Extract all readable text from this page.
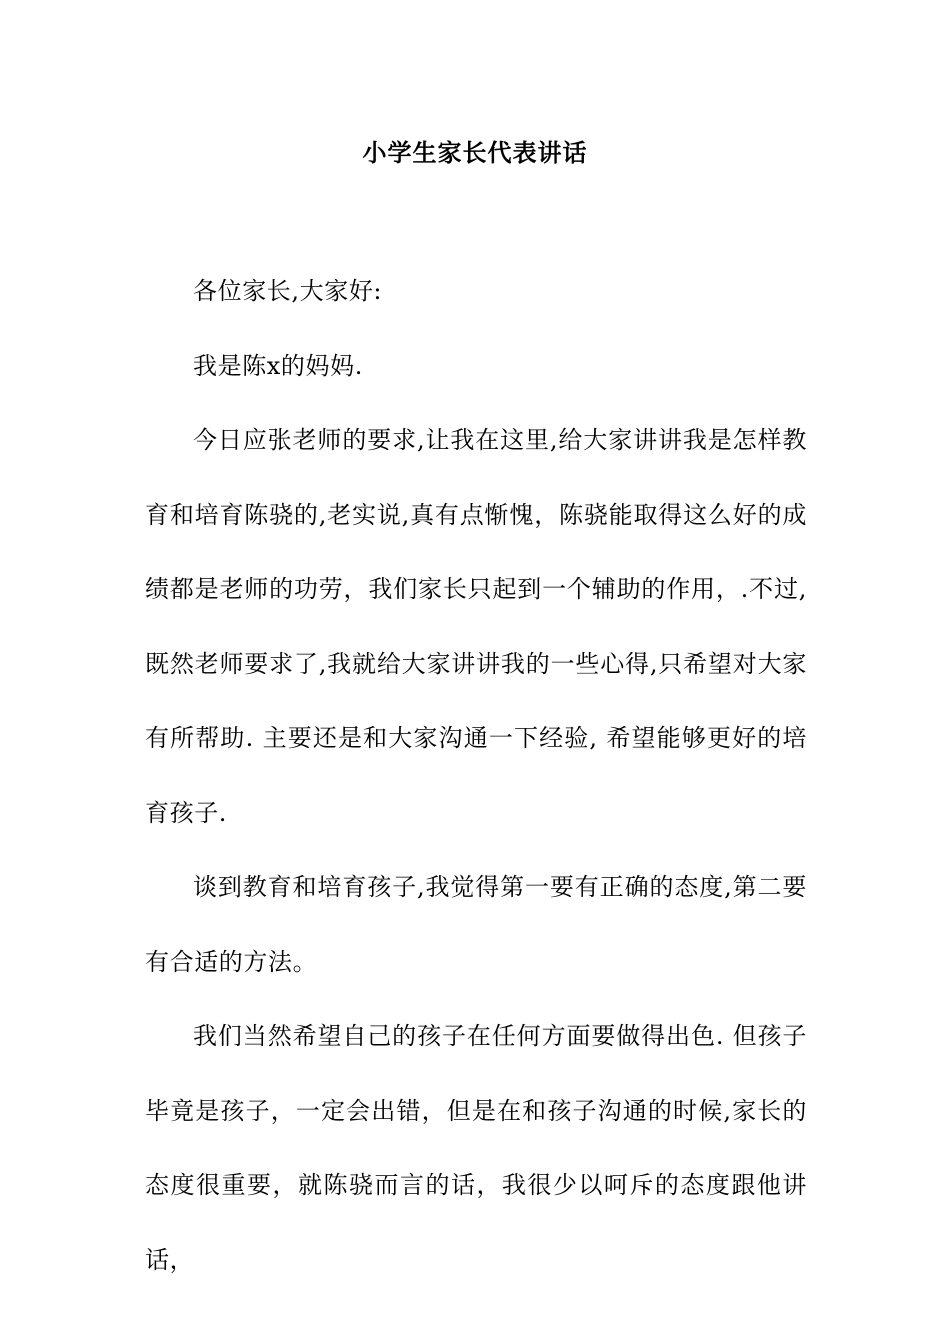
小学生家长代表讲话

各位家长,大家好:

我是陈x的妈妈.

今日应张老师的要求,让我在这里,给大家讲讲我是怎样教育和培育陈骁的,老实说,真有点惭愧，陈骁能取得这么好的成绩都是老师的功劳，我们家长只起到一个辅助的作用，.不过,既然老师要求了,我就给大家讲讲我的一些心得,只希望对大家有所帮助. 主要还是和大家沟通一下经验, 希望能够更好的培育孩子.

谈到教育和培育孩子,我觉得第一要有正确的态度,第二要有合适的方法。

我们当然希望自己的孩子在任何方面要做得出色. 但孩子毕竟是孩子，一定会出错，但是在和孩子沟通的时候,家长的态度很重要，就陈骁而言的话，我很少以呵斥的态度跟他讲话，
